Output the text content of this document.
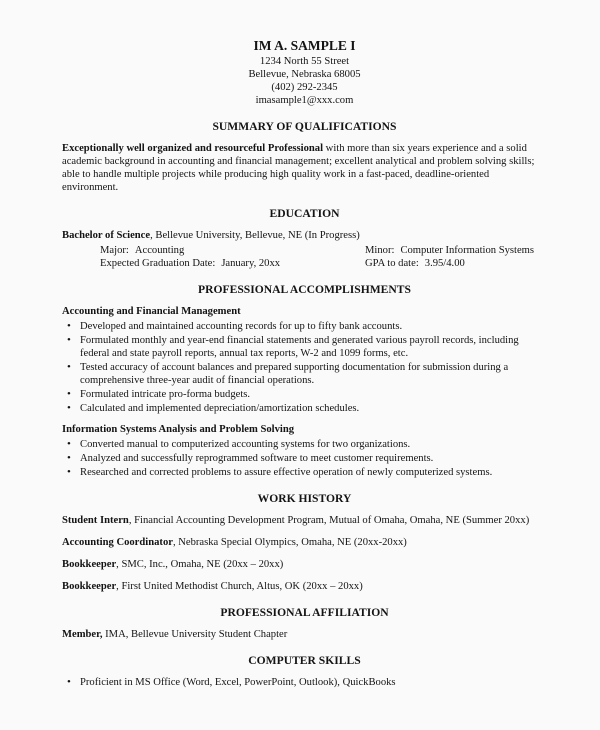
IM A. SAMPLE I

1234 North 55 Street

Bellevue, Nebraska 68005

(402) 292-2345

imasample1@xxx.com

SUMMARY OF QUALIFICATIONS

Exceptionally well organized and resourceful Professional with more than six years experience and a solid academic background in accounting and financial management; excellent analytical and problem solving skills; able to handle multiple projects while producing high quality work in a fast-paced, deadline-oriented environment.

EDUCATION

Bachelor of Science, Bellevue University, Bellevue, NE (In Progress)

Major: Accounting	Minor: Computer Information Systems
Expected Graduation Date: January, 20xx	GPA to date: 3.95/4.00
PROFESSIONAL ACCOMPLISHMENTS

Accounting and Financial Management

• Developed and maintained accounting records for up to fifty bank accounts.
• Formulated monthly and year-end financial statements and generated various payroll records, including federal and state payroll reports, annual tax reports, W-2 and 1099 forms, etc.
• Tested accuracy of account balances and prepared supporting documentation for submission during a comprehensive three-year audit of financial operations.
• Formulated intricate pro-forma budgets.
• Calculated and implemented depreciation/amortization schedules.

Information Systems Analysis and Problem Solving

• Converted manual to computerized accounting systems for two organizations.
• Analyzed and successfully reprogrammed software to meet customer requirements.
• Researched and corrected problems to assure effective operation of newly computerized systems.
WORK HISTORY

Student Intern, Financial Accounting Development Program, Mutual of Omaha, Omaha, NE (Summer 20xx)

Accounting Coordinator, Nebraska Special Olympics, Omaha, NE (20xx-20xx)

Bookkeeper, SMC, Inc., Omaha, NE (20xx – 20xx)

Bookkeeper, First United Methodist Church, Altus, OK (20xx – 20xx)

PROFESSIONAL AFFILIATION

Member, IMA, Bellevue University Student Chapter

COMPUTER SKILLS
• Proficient in MS Office (Word, Excel, PowerPoint, Outlook), QuickBooks
